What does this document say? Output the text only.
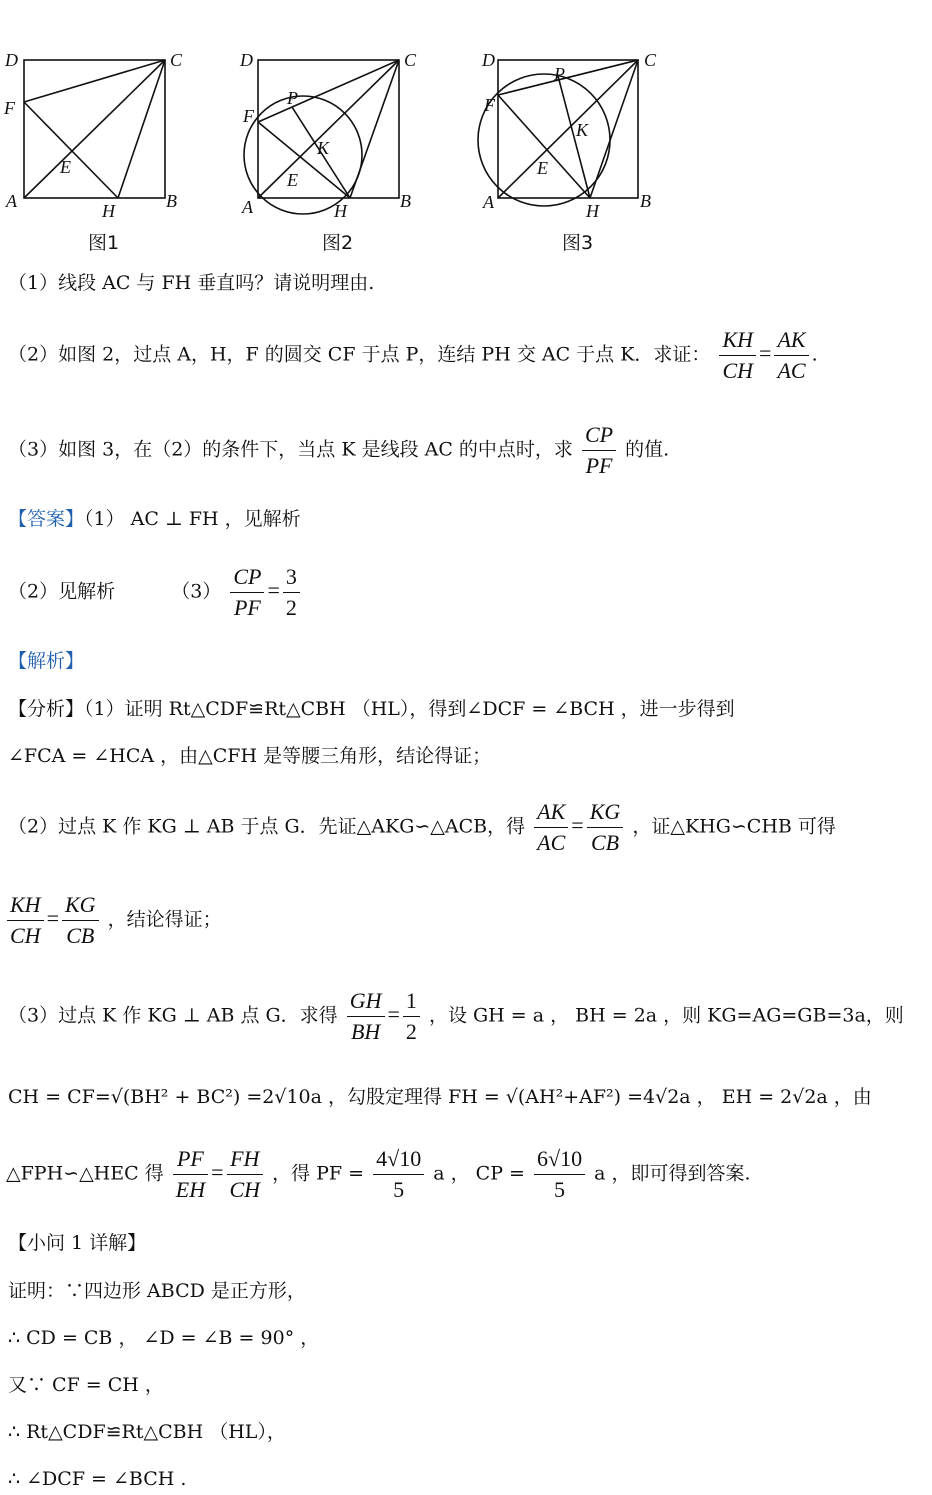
D	C
F
E
A	H	B
图1
D	C
P
F
K
E
A	H	B
图2
D
P
C
F
K
E
A	H B
图3
（1）线段 AC 与 FH 垂直吗？请说明理由.
（2）如图 2，过点 A，H，F 的圆交 CF 于点 P，连结 PH 交 AC 于点 K．求证： $\frac{KH}{CH} = \frac{AK}{AC}$ .
（3）如图 3，在（2）的条件下，当点 K 是线段 AC 的中点时，求 $\frac{CP}{PF}$ 的值.
【答案】（1） AC ⊥ FH ，见解析
（2）见解析	$(3) \frac{CP}{PF} = \frac{3}{2}$
【解析】
【分析】（1）证明 Rt△CDF≌Rt△CBH （HL），得到∠DCF = ∠BCH ，进一步得到
∠FCA = ∠HCA ，由△CFH 是等腰三角形，结论得证；
（2）过点 K 作 KG ⊥ AB 于点 G．先证△AKG∽△ACB，得 $\frac{AK}{AC} = \frac{KG}{CB}$ ，证△KHG∽CHB 可得
$\frac{KH}{CH} = \frac{KG}{CB}$ ，结论得证；
（3）过点 K 作 KG ⊥ AB 点 G．求得 $\frac{GH}{BH} = \frac{1}{2}$ ，设 GH = a ， BH = 2a ，则 KG=AG=GB=3a，则
CH = CF=√(BH² + BC²) =2√10a ，勾股定理得 FH = √(AH²+AF²) =4√2a ， EH = 2√2a ，由
△FPH∽△HEC 得 $\frac{PF}{EH} = \frac{FH}{CH}$ ，得 PF = $\frac{4√10}{5}$ a ， CP = $\frac{6√10}{5}$ a ，即可得到答案.
【小问 1 详解】
证明：∵四边形 ABCD 是正方形，
∴ CD = CB ， ∠D = ∠B = 90° ，
又∵ CF = CH ，
∴ Rt△CDF≌Rt△CBH （HL），
∴ ∠DCF = ∠BCH .
